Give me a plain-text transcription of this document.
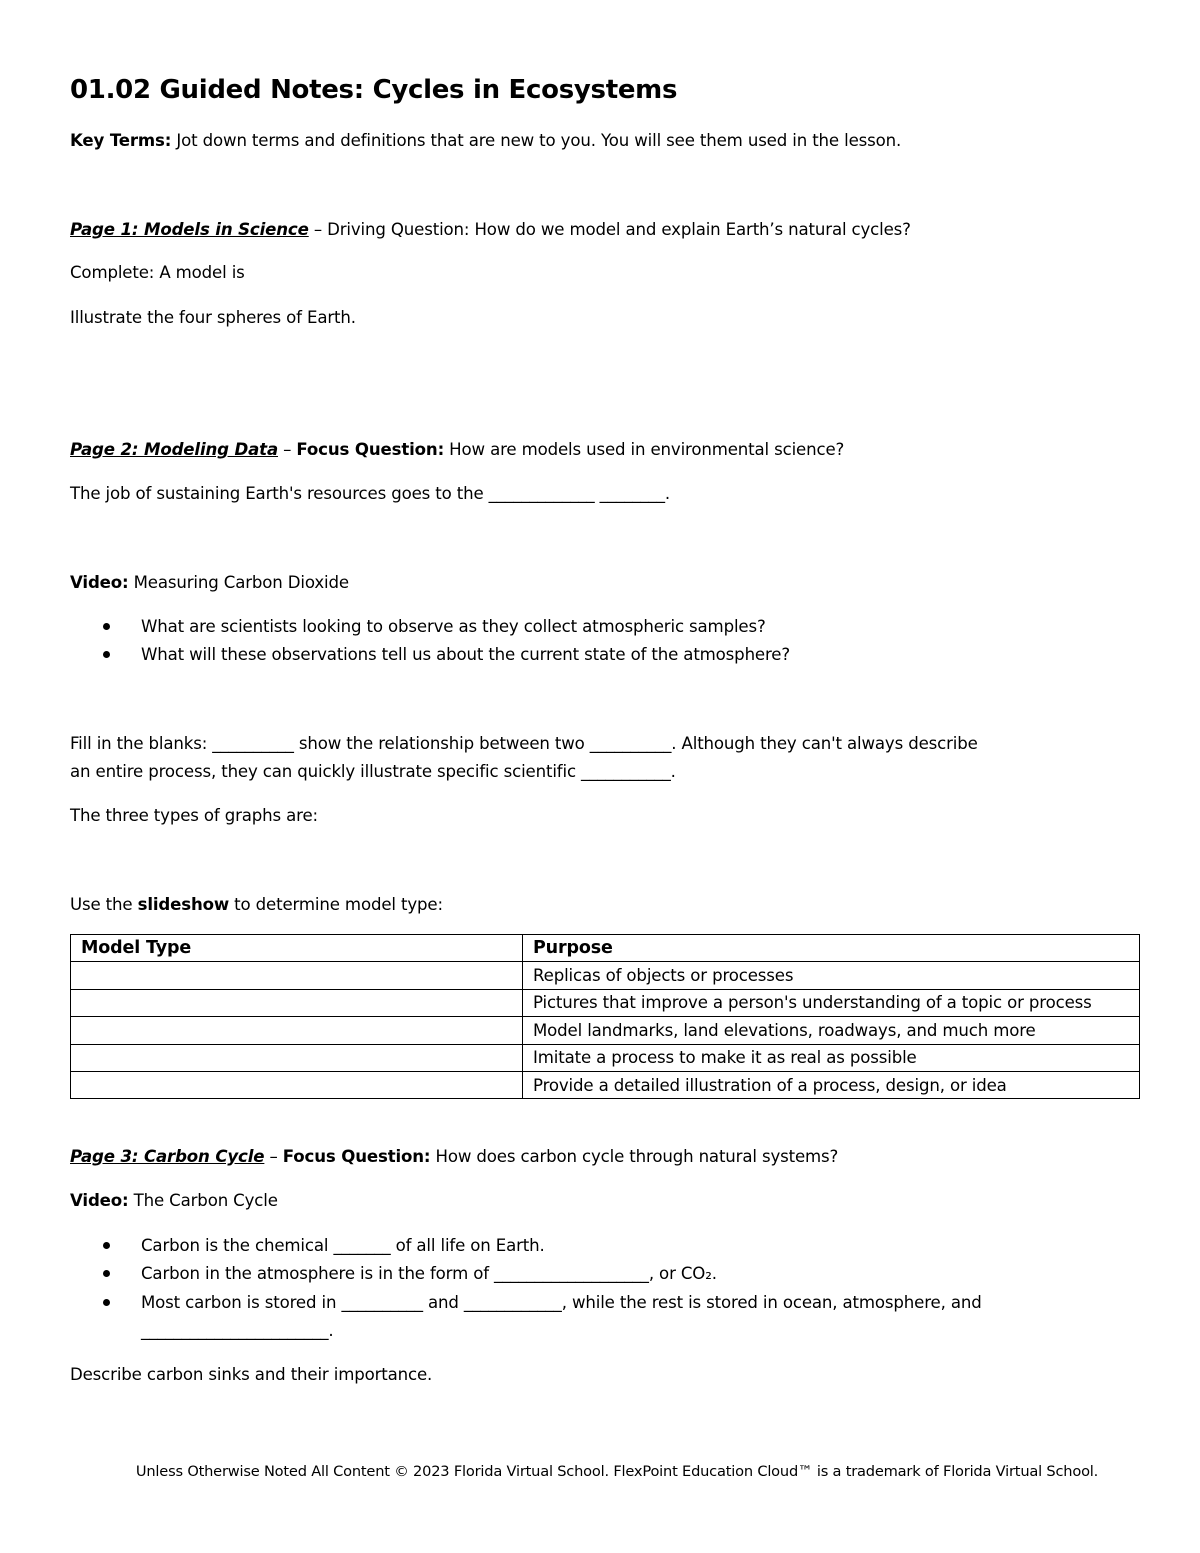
01.02 Guided Notes: Cycles in Ecosystems
Key Terms: Jot down terms and definitions that are new to you. You will see them used in the lesson.
Page 1: Models in Science – Driving Question: How do we model and explain Earth’s natural cycles?
Complete: A model is
Illustrate the four spheres of Earth.
Page 2: Modeling Data – Focus Question: How are models used in environmental science?
The job of sustaining Earth's resources goes to the _____________ ________.
Video: Measuring Carbon Dioxide
What are scientists looking to observe as they collect atmospheric samples?
What will these observations tell us about the current state of the atmosphere?
Fill in the blanks: __________ show the relationship between two __________. Although they can't always describe
an entire process, they can quickly illustrate specific scientific ___________.
The three types of graphs are:
Use the slideshow to determine model type:
Model Type	Purpose
	Replicas of objects or processes
	Pictures that improve a person's understanding of a topic or process
	Model landmarks, land elevations, roadways, and much more
	Imitate a process to make it as real as possible
	Provide a detailed illustration of a process, design, or idea
Page 3: Carbon Cycle – Focus Question: How does carbon cycle through natural systems?
Video: The Carbon Cycle
Carbon is the chemical _______ of all life on Earth.
Carbon in the atmosphere is in the form of ___________________, or CO₂.
Most carbon is stored in __________ and ____________, while the rest is stored in ocean, atmosphere, and
_______________________.
Describe carbon sinks and their importance.
Unless Otherwise Noted All Content © 2023 Florida Virtual School. FlexPoint Education Cloud™ is a trademark of Florida Virtual School.
